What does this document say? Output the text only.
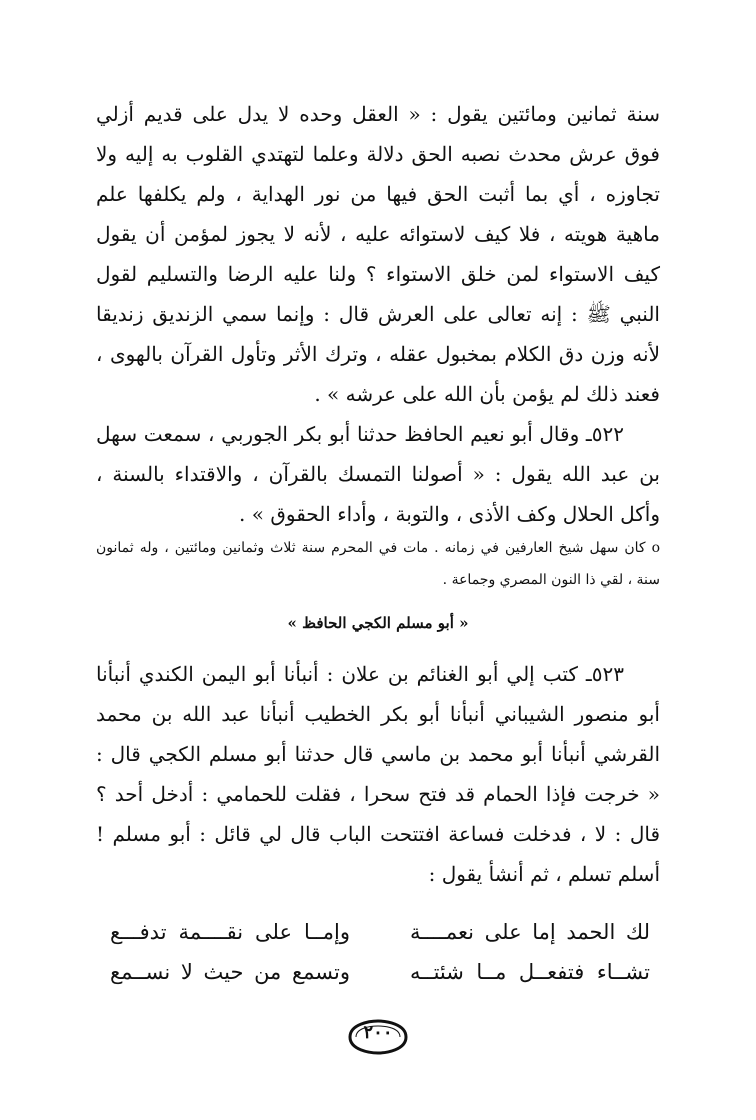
سنة ثمانين ومائتين يقول : « العقل وحده لا يدل على قديم أزلي فوق عرش محدث نصبه الحق دلالة وعلما لتهتدي القلوب به إليه ولا تجاوزه ، أي بما أثبت الحق فيها من نور الهداية ، ولم يكلفها علم ماهية هويته ، فلا كيف لاستوائه عليه ، لأنه لا يجوز لمؤمن أن يقول كيف الاستواء لمن خلق الاستواء ؟ ولنا عليه الرضا والتسليم لقول النبي ﷺ : إنه تعالى على العرش قال : وإنما سمي الزنديق زنديقا لأنه وزن دق الكلام بمخبول عقله ، وترك الأثر وتأول القرآن بالهوى ، فعند ذلك لم يؤمن بأن الله على عرشه » .

٥٢٢ـ وقال أبو نعيم الحافظ حدثنا أبو بكر الجوربي ، سمعت سهل بن عبد الله يقول : « أصولنا التمسك بالقرآن ، والاقتداء بالسنة ، وأكل الحلال وكف الأذى ، والتوبة ، وأداء الحقوق » .

o كان سهل شيخ العارفين في زمانه . مات في المحرم سنة ثلاث وثمانين ومائتين ، وله ثمانون سنة ، لقي ذا النون المصري وجماعة .

« أبو مسلم الكجي الحافظ »

٥٢٣ـ كتب إلي أبو الغنائم بن علان : أنبأنا أبو اليمن الكندي أنبأنا أبو منصور الشيباني أنبأنا أبو بكر الخطيب أنبأنا عبد الله بن محمد القرشي أنبأنا أبو محمد بن ماسي قال حدثنا أبو مسلم الكجي قال : « خرجت فإذا الحمام قد فتح سحرا ، فقلت للحمامي : أدخل أحد ؟ قال : لا ، فدخلت فساعة افتتحت الباب قال لي قائل : أبو مسلم ! أسلم تسلم ، ثم أنشأ يقول :

لك الحمد إما على نعمــــة
وإمــا على نقــــمة تدفـــع
تشــاء فتفعــل مــا شئتــه
وتسمع من حيث لا نســمع
٢٠٠
